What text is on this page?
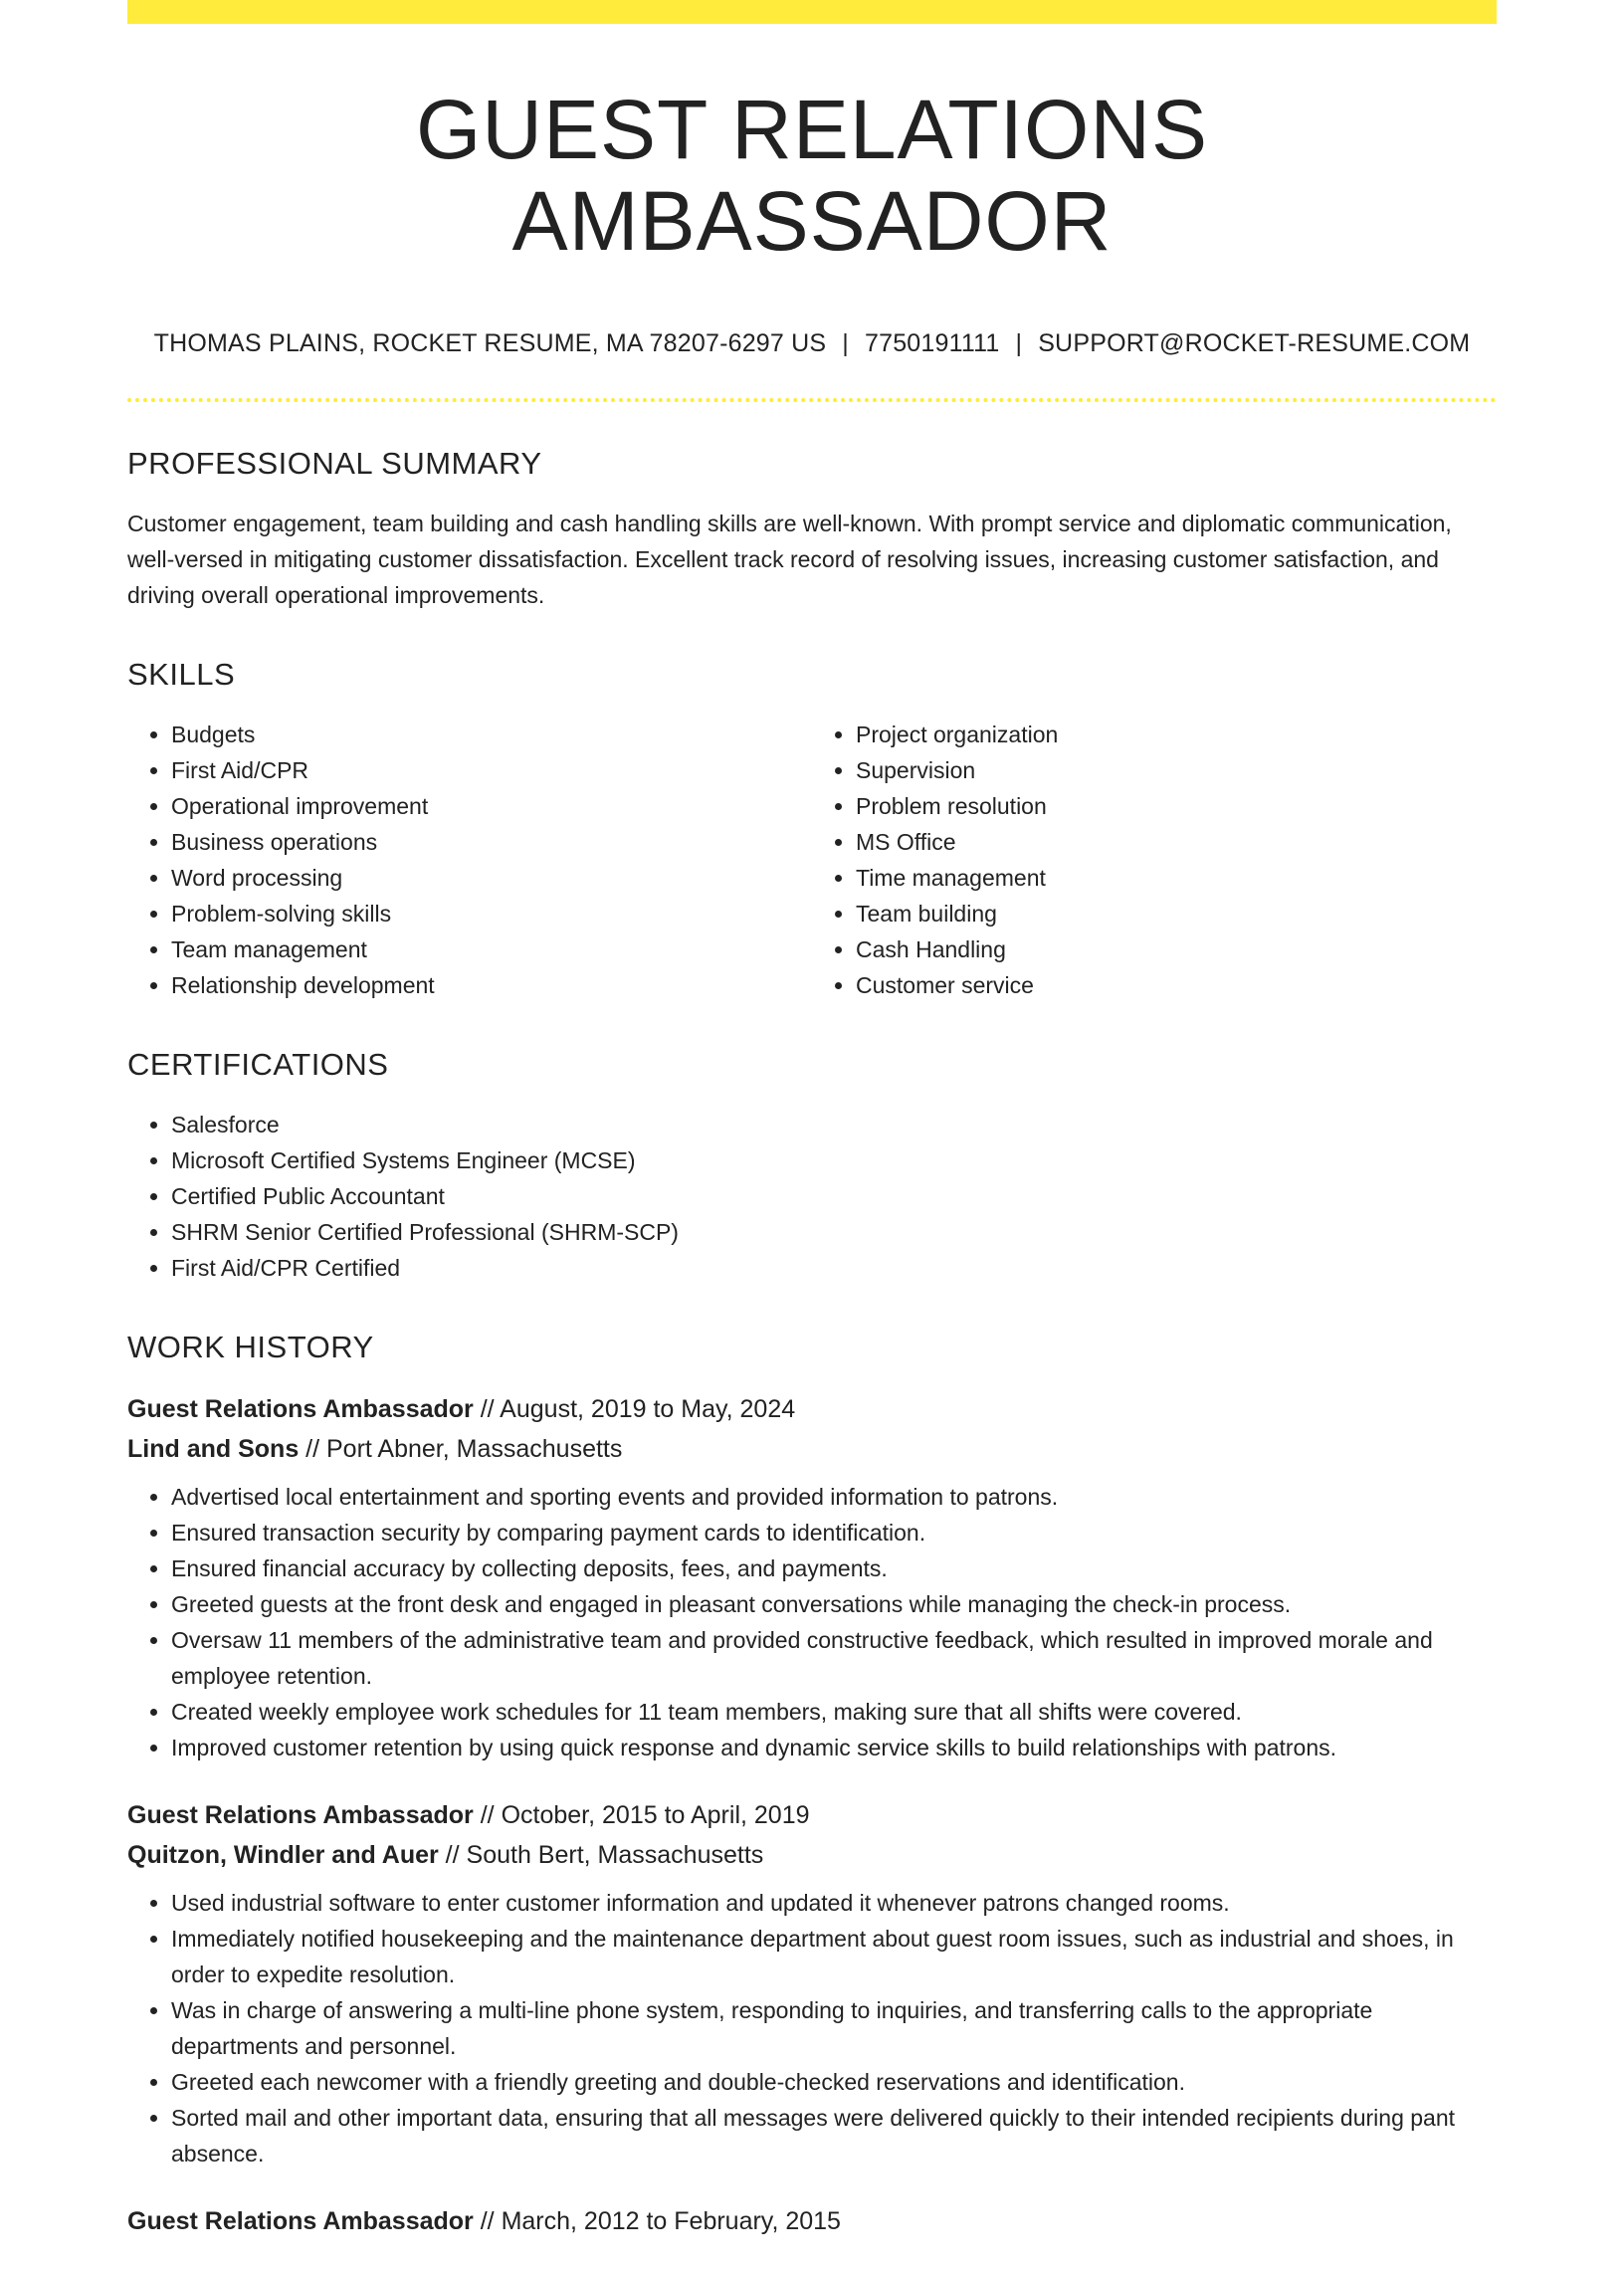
GUEST RELATIONS AMBASSADOR
THOMAS PLAINS, ROCKET RESUME, MA 78207-6297 US | 7750191111 | SUPPORT@ROCKET-RESUME.COM
PROFESSIONAL SUMMARY

Customer engagement, team building and cash handling skills are well-known. With prompt service and diplomatic communication, well-versed in mitigating customer dissatisfaction. Excellent track record of resolving issues, increasing customer satisfaction, and driving overall operational improvements.

SKILLS
• Budgets
• First Aid/CPR
• Operational improvement
• Business operations
• Word processing
• Problem-solving skills
• Team management
• Relationship development
• Project organization
• Supervision
• Problem resolution
• MS Office
• Time management
• Team building
• Cash Handling
• Customer service
CERTIFICATIONS
• Salesforce
• Microsoft Certified Systems Engineer (MCSE)
• Certified Public Accountant
• SHRM Senior Certified Professional (SHRM-SCP)
• First Aid/CPR Certified
WORK HISTORY
Guest Relations Ambassador // August, 2019 to May, 2024
Lind and Sons // Port Abner, Massachusetts
• Advertised local entertainment and sporting events and provided information to patrons.
• Ensured transaction security by comparing payment cards to identification.
• Ensured financial accuracy by collecting deposits, fees, and payments.
• Greeted guests at the front desk and engaged in pleasant conversations while managing the check-in process.
• Oversaw 11 members of the administrative team and provided constructive feedback, which resulted in improved morale and employee retention.
• Created weekly employee work schedules for 11 team members, making sure that all shifts were covered.
• Improved customer retention by using quick response and dynamic service skills to build relationships with patrons.
Guest Relations Ambassador // October, 2015 to April, 2019
Quitzon, Windler and Auer // South Bert, Massachusetts
• Used industrial software to enter customer information and updated it whenever patrons changed rooms.
• Immediately notified housekeeping and the maintenance department about guest room issues, such as industrial and shoes, in order to expedite resolution.
• Was in charge of answering a multi-line phone system, responding to inquiries, and transferring calls to the appropriate departments and personnel.
• Greeted each newcomer with a friendly greeting and double-checked reservations and identification.
• Sorted mail and other important data, ensuring that all messages were delivered quickly to their intended recipients during pant absence.
Guest Relations Ambassador // March, 2012 to February, 2015
